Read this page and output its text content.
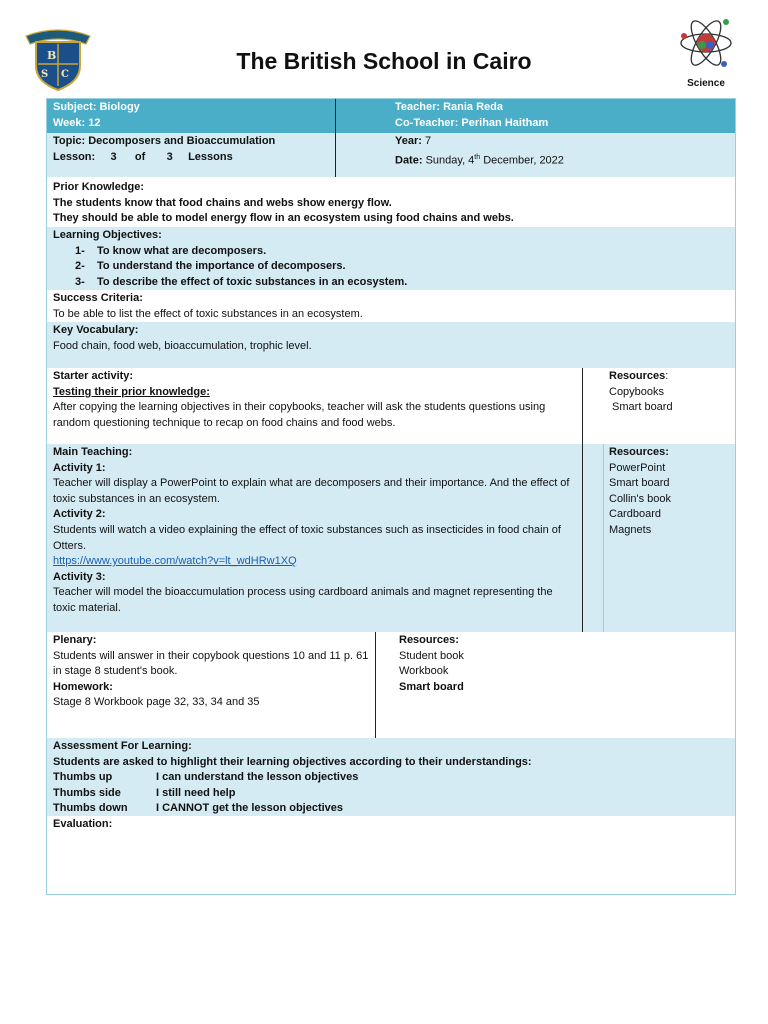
B
S C
Science
The British School in Cairo
Subject: Biology
Week: 12
Teacher: Rania Reda
Co-Teacher: Perihan Haitham
Topic: Decomposers and Bioaccumulation
Lesson:     3      of       3     Lessons
Year: 7
Date: Sunday, 4th December, 2022
Prior Knowledge:
The students know that food chains and webs show energy flow.
They should be able to model energy flow in an ecosystem using food chains and webs.
Learning Objectives:
1-    To know what are decomposers.
2-    To understand the importance of decomposers.
3-    To describe the effect of toxic substances in an ecosystem.
Success Criteria:
To be able to list the effect of toxic substances in an ecosystem.
Key Vocabulary:
Food chain, food web, bioaccumulation, trophic level.
Starter activity:
Testing their prior knowledge:
After copying the learning objectives in their copybooks, teacher will ask the students questions using random questioning technique to recap on food chains and food webs.
Resources:
Copybooks
Smart board
Main Teaching:
Activity 1:
Teacher will display a PowerPoint to explain what are decomposers and their importance. And the effect of toxic substances in an ecosystem.
Activity 2:
Students will watch a video explaining the effect of toxic substances such as insecticides in food chain of Otters.
https://www.youtube.com/watch?v=lt_wdHRw1XQ
Activity 3:
Teacher will model the bioaccumulation process using cardboard animals and magnet representing the toxic material.
Resources:
PowerPoint
Smart board
Collin's book
Cardboard
Magnets
Plenary:
Students will answer in their copybook questions 10 and 11 p. 61 in stage 8 student's book.
Homework:
Stage 8 Workbook page 32, 33, 34 and 35
Resources:
Student book
Workbook
Smart board
Assessment For Learning:
Students are asked to highlight their learning objectives according to their understandings:
Thumbs up	I can understand the lesson objectives
Thumbs side	I still need help
Thumbs down	I CANNOT get the lesson objectives
Evaluation:
